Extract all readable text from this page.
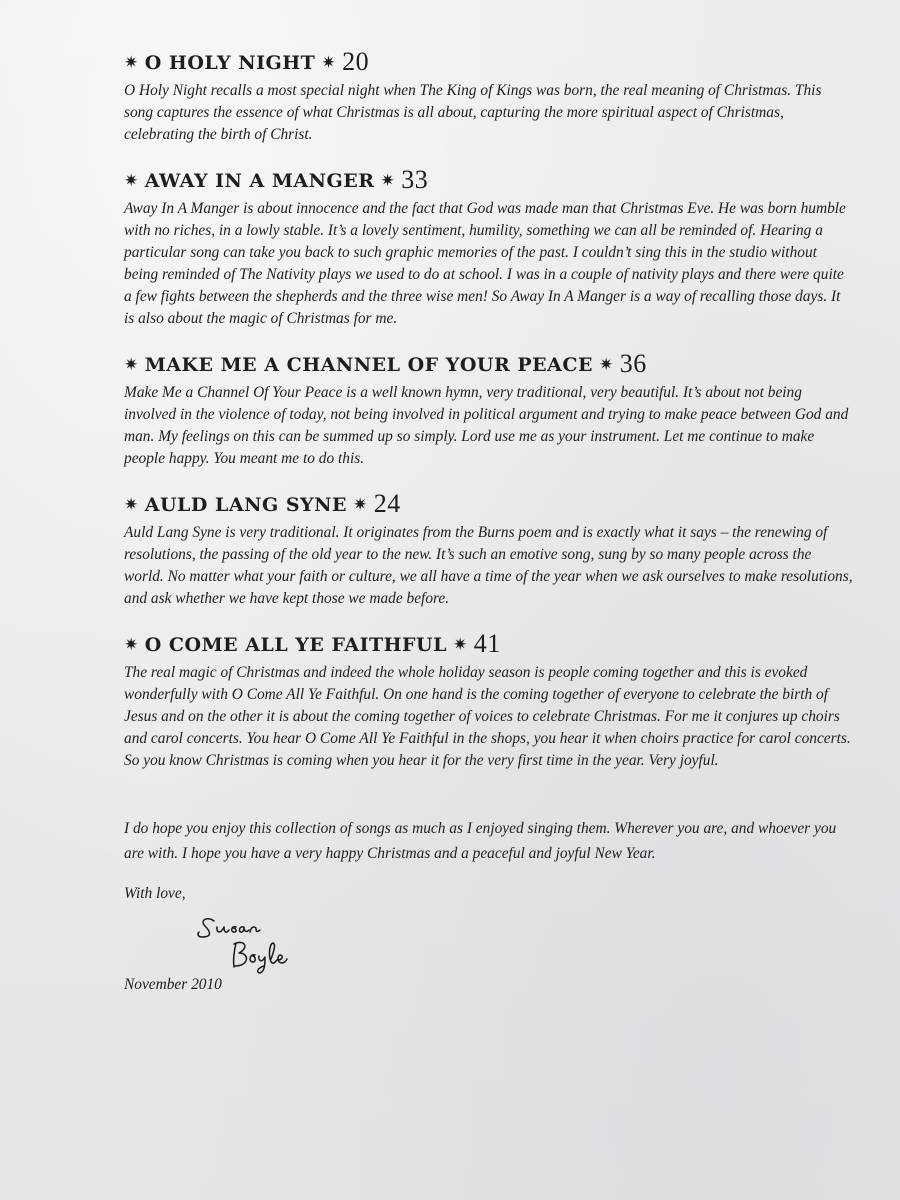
✷ O HOLY NIGHT ✷ 20

O Holy Night recalls a most special night when The King of Kings was born, the real meaning of Christmas. This song captures the essence of what Christmas is all about, capturing the more spiritual aspect of Christmas, celebrating the birth of Christ.

✷ AWAY IN A MANGER ✷ 33

Away In A Manger is about innocence and the fact that God was made man that Christmas Eve. He was born humble with no riches, in a lowly stable. It’s a lovely sentiment, humility, something we can all be reminded of. Hearing a particular song can take you back to such graphic memories of the past. I couldn’t sing this in the studio without being reminded of The Nativity plays we used to do at school. I was in a couple of nativity plays and there were quite a few fights between the shepherds and the three wise men! So Away In A Manger is a way of recalling those days. It is also about the magic of Christmas for me.

✷ MAKE ME A CHANNEL OF YOUR PEACE ✷ 36

Make Me a Channel Of Your Peace is a well known hymn, very traditional, very beautiful. It’s about not being involved in the violence of today, not being involved in political argument and trying to make peace between God and man. My feelings on this can be summed up so simply. Lord use me as your instrument. Let me continue to make people happy. You meant me to do this.

✷ AULD LANG SYNE ✷ 24

Auld Lang Syne is very traditional. It originates from the Burns poem and is exactly what it says – the renewing of resolutions, the passing of the old year to the new. It’s such an emotive song, sung by so many people across the world. No matter what your faith or culture, we all have a time of the year when we ask ourselves to make resolutions, and ask whether we have kept those we made before.

✷ O COME ALL YE FAITHFUL ✷ 41

The real magic of Christmas and indeed the whole holiday season is people coming together and this is evoked wonderfully with O Come All Ye Faithful. On one hand is the coming together of everyone to celebrate the birth of Jesus and on the other it is about the coming together of voices to celebrate Christmas. For me it conjures up choirs and carol concerts. You hear O Come All Ye Faithful in the shops, you hear it when choirs practice for carol concerts. So you know Christmas is coming when you hear it for the very first time in the year. Very joyful.

I do hope you enjoy this collection of songs as much as I enjoyed singing them. Wherever you are, and whoever you are with. I hope you have a very happy Christmas and a peaceful and joyful New Year.

With love,

November 2010
